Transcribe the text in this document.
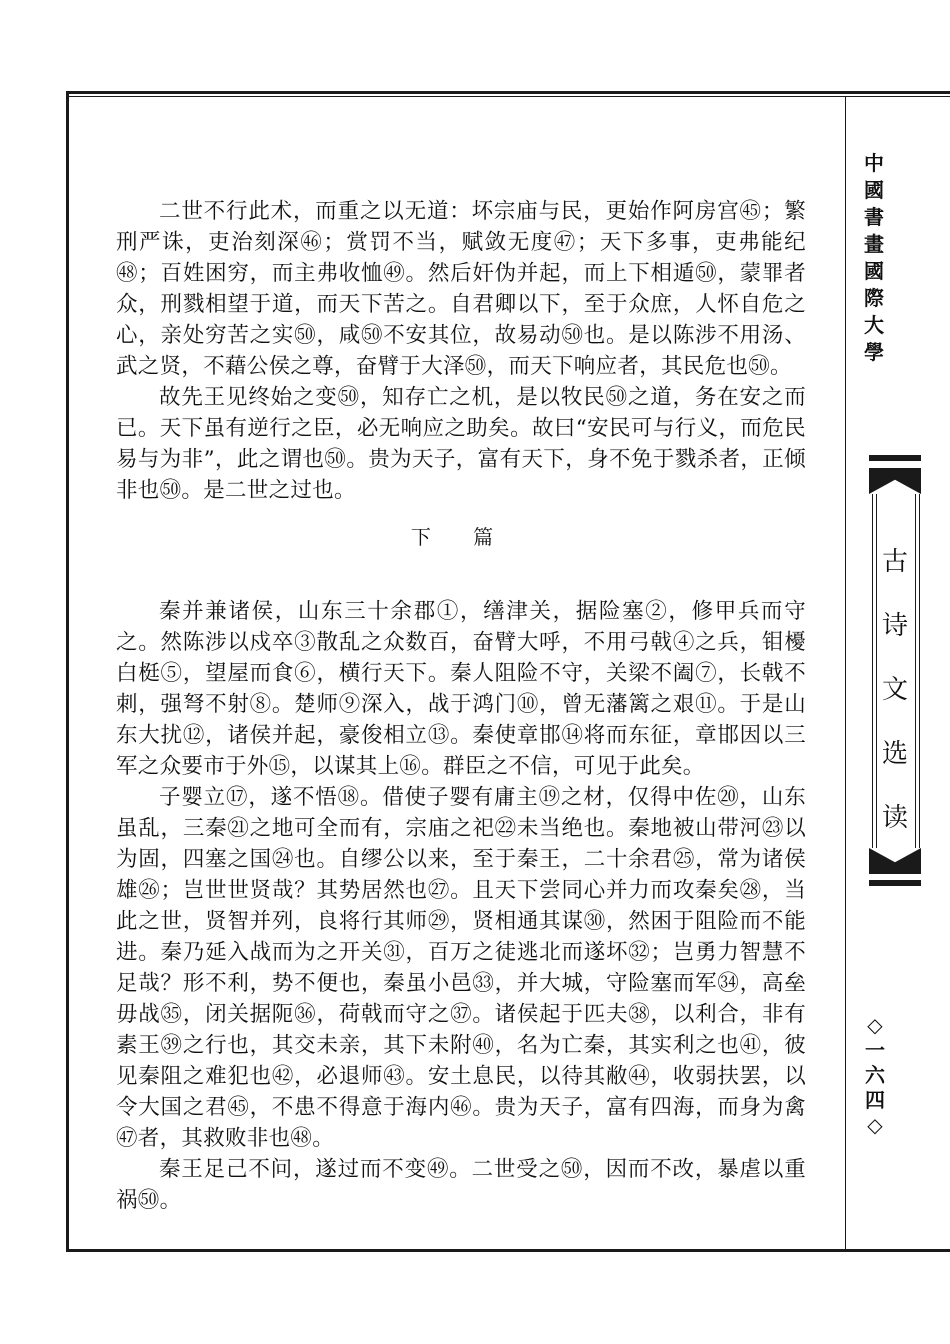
二世不行此术，而重之以无道：坏宗庙与民，更始作阿房宫㊺；繁刑严诛，吏治刻深㊻；赏罚不当，赋敛无度㊼；天下多事，吏弗能纪㊽；百姓困穷，而主弗收恤㊾。然后奸伪并起，而上下相遁㊿，蒙罪者众，刑戮相望于道，而天下苦之。自君卿以下，至于众庶，人怀自危之心，亲处穷苦之实㊿，咸㊿不安其位，故易动㊿也。是以陈涉不用汤、武之贤，不藉公侯之尊，奋臂于大泽㊿，而天下响应者，其民危也㊿。

故先王见终始之变㊿，知存亡之机，是以牧民㊿之道，务在安之而已。天下虽有逆行之臣，必无响应之助矣。故曰“安民可与行义，而危民易与为非”，此之谓也㊿。贵为天子，富有天下，身不免于戮杀者，正倾非也㊿。是二世之过也。

下 篇

秦并兼诸侯，山东三十余郡①，缮津关，据险塞②，修甲兵而守之。然陈涉以戍卒③散乱之众数百，奋臂大呼，不用弓戟④之兵，钼櫌白梃⑤，望屋而食⑥，横行天下。秦人阻险不守，关梁不阖⑦，长戟不刺，强弩不射⑧。楚师⑨深入，战于鸿门⑩，曾无藩篱之艰⑪。于是山东大扰⑫，诸侯并起，豪俊相立⑬。秦使章邯⑭将而东征，章邯因以三军之众要市于外⑮，以谋其上⑯。群臣之不信，可见于此矣。

子婴立⑰，遂不悟⑱。借使子婴有庸主⑲之材，仅得中佐⑳，山东虽乱，三秦㉑之地可全而有，宗庙之祀㉒未当绝也。秦地被山带河㉓以为固，四塞之国㉔也。自缪公以来，至于秦王，二十余君㉕，常为诸侯雄㉖；岂世世贤哉？其势居然也㉗。且天下尝同心并力而攻秦矣㉘，当此之世，贤智并列，良将行其师㉙，贤相通其谋㉚，然困于阻险而不能进。秦乃延入战而为之开关㉛，百万之徒逃北而遂坏㉜；岂勇力智慧不足哉？形不利，势不便也，秦虽小邑㉝，并大城，守险塞而军㉞，高垒毋战㉟，闭关据阨㊱，荷戟而守之㊲。诸侯起于匹夫㊳，以利合，非有素王㊴之行也，其交未亲，其下未附㊵，名为亡秦，其实利之也㊶，彼见秦阻之难犯也㊷，必退师㊸。安土息民，以待其敝㊹，收弱扶罢，以令大国之君㊺，不患不得意于海内㊻。贵为天子，富有四海，而身为禽㊼者，其救败非也㊽。

秦王足己不问，遂过而不变㊾。二世受之㊿，因而不改，暴虐以重祸㊿。

中
國
書
畫
國
際
大
學
古
诗
文
选
读
◇
一
六
四
◇
